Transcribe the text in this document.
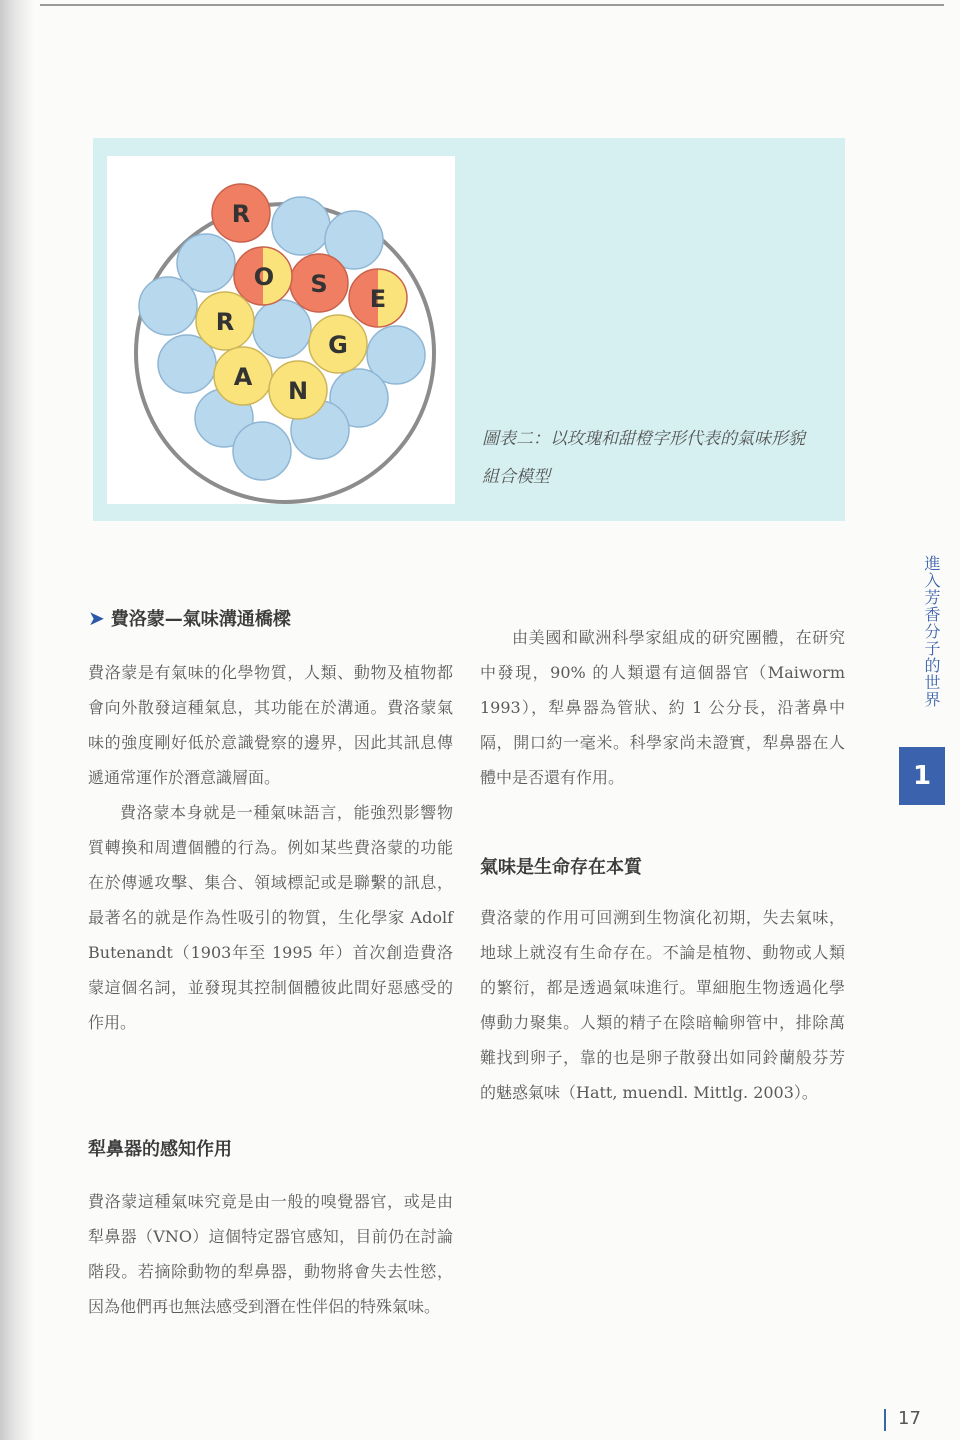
R
O S
E
R
G
A N
圖表二：以玫瑰和甜橙字形代表的氣味形貌
組合模型
➤ 費洛蒙—氣味溝通橋樑

費洛蒙是有氣味的化學物質，人類、動物及植物都會向外散發這種氣息，其功能在於溝通。費洛蒙氣味的強度剛好低於意識覺察的邊界，因此其訊息傳遞通常運作於潛意識層面。

費洛蒙本身就是一種氣味語言，能強烈影響物質轉換和周遭個體的行為。例如某些費洛蒙的功能在於傳遞攻擊、集合、領域標記或是聯繫的訊息，最著名的就是作為性吸引的物質，生化學家 Adolf Butenandt（1903年至 1995 年）首次創造費洛蒙這個名詞，並發現其控制個體彼此間好惡感受的作用。

犁鼻器的感知作用

費洛蒙這種氣味究竟是由一般的嗅覺器官，或是由犁鼻器（VNO）這個特定器官感知，目前仍在討論階段。若摘除動物的犁鼻器，動物將會失去性慾，因為他們再也無法感受到潛在性伴侶的特殊氣味。

由美國和歐洲科學家組成的研究團體，在研究中發現，90% 的人類還有這個器官（Maiworm 1993），犁鼻器為管狀、約 1 公分長，沿著鼻中隔，開口約一毫米。科學家尚未證實，犁鼻器在人體中是否還有作用。

氣味是生命存在本質

費洛蒙的作用可回溯到生物演化初期，失去氣味，地球上就沒有生命存在。不論是植物、動物或人類的繁衍，都是透過氣味進行。單細胞生物透過化學傳動力聚集。人類的精子在陰暗輸卵管中，排除萬難找到卵子，靠的也是卵子散發出如同鈴蘭般芬芳的魅惑氣味（Hatt, muendl. Mittlg. 2003）。

進入芳香分子的世界
1
17
